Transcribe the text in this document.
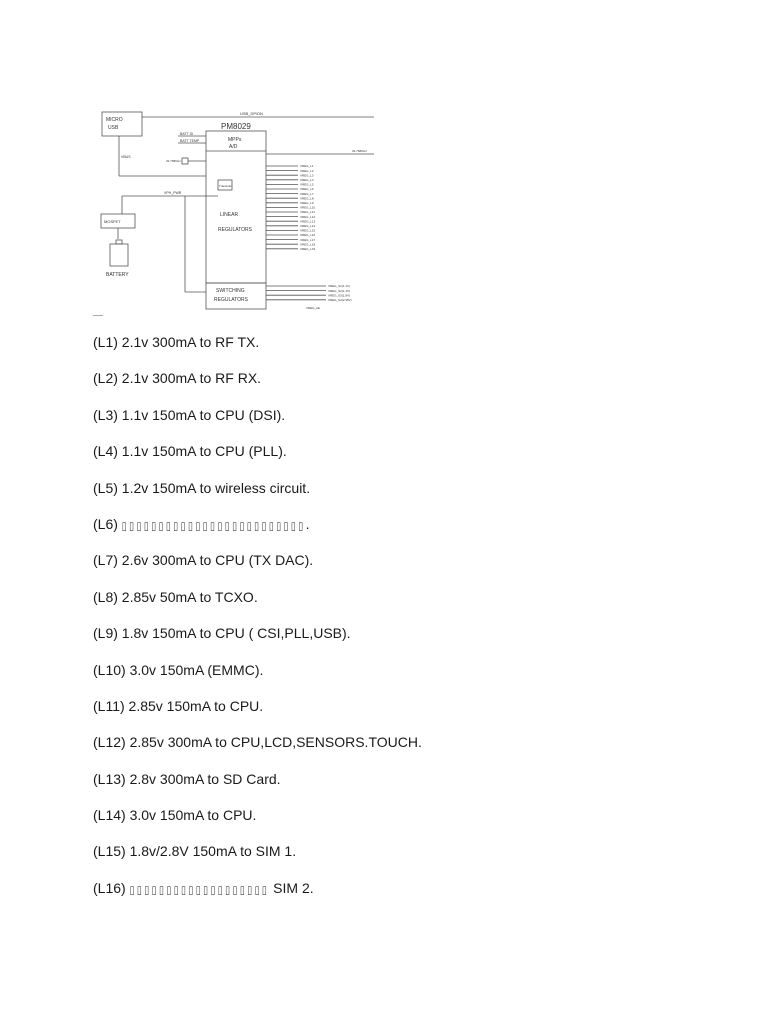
MICRO
USB
USB_DP/DN
PM8029
MPPs
A/D
BATT ID
BATT TEMP
VBUS
32.768KHz
32.768KHz
Transistor
VPH_PWR
MOSFET
BATTERY
LINEAR
REGULATORS
SWITCHING
REGULATORS
VREG_L1
VREG_L2
VREG_L3
VREG_L4
VREG_L5
VREG_L6
VREG_L7
VREG_L8
VREG_L9
VREG_L10
VREG_L11
VREG_L12
VREG_L13
VREG_L14
VREG_L15
VREG_L16
VREG_L17
VREG_L18
VREG_L19
VREG_S1(1.1V)
VREG_S2(1.1V)
VREG_S3(1.8V)
VREG_S4(2.35V)
VREG_ldo
___
(L1) 2.1v 300mA to RF TX.
(L2) 2.1v 300mA to RF RX.
(L3) 1.1v 150mA to CPU (DSI).
(L4) 1.1v 150mA to CPU (PLL).
(L5) 1.2v 150mA to wireless circuit.
(L6) ▯▯▯▯▯▯▯▯▯▯▯▯▯▯▯▯▯▯▯▯▯▯▯▯▯.
(L7) 2.6v 300mA to CPU (TX DAC).
(L8) 2.85v 50mA to TCXO.
(L9) 1.8v 150mA to CPU ( CSI,PLL,USB).
(L10) 3.0v 150mA (EMMC).
(L11) 2.85v 150mA to CPU.
(L12) 2.85v 300mA to CPU,LCD,SENSORS.TOUCH.
(L13) 2.8v 300mA to SD Card.
(L14) 3.0v 150mA to CPU.
(L15) 1.8v/2.8V 150mA to SIM 1.
(L16) ▯▯▯▯▯▯▯▯▯▯▯▯▯▯▯▯▯▯▯ SIM 2.
